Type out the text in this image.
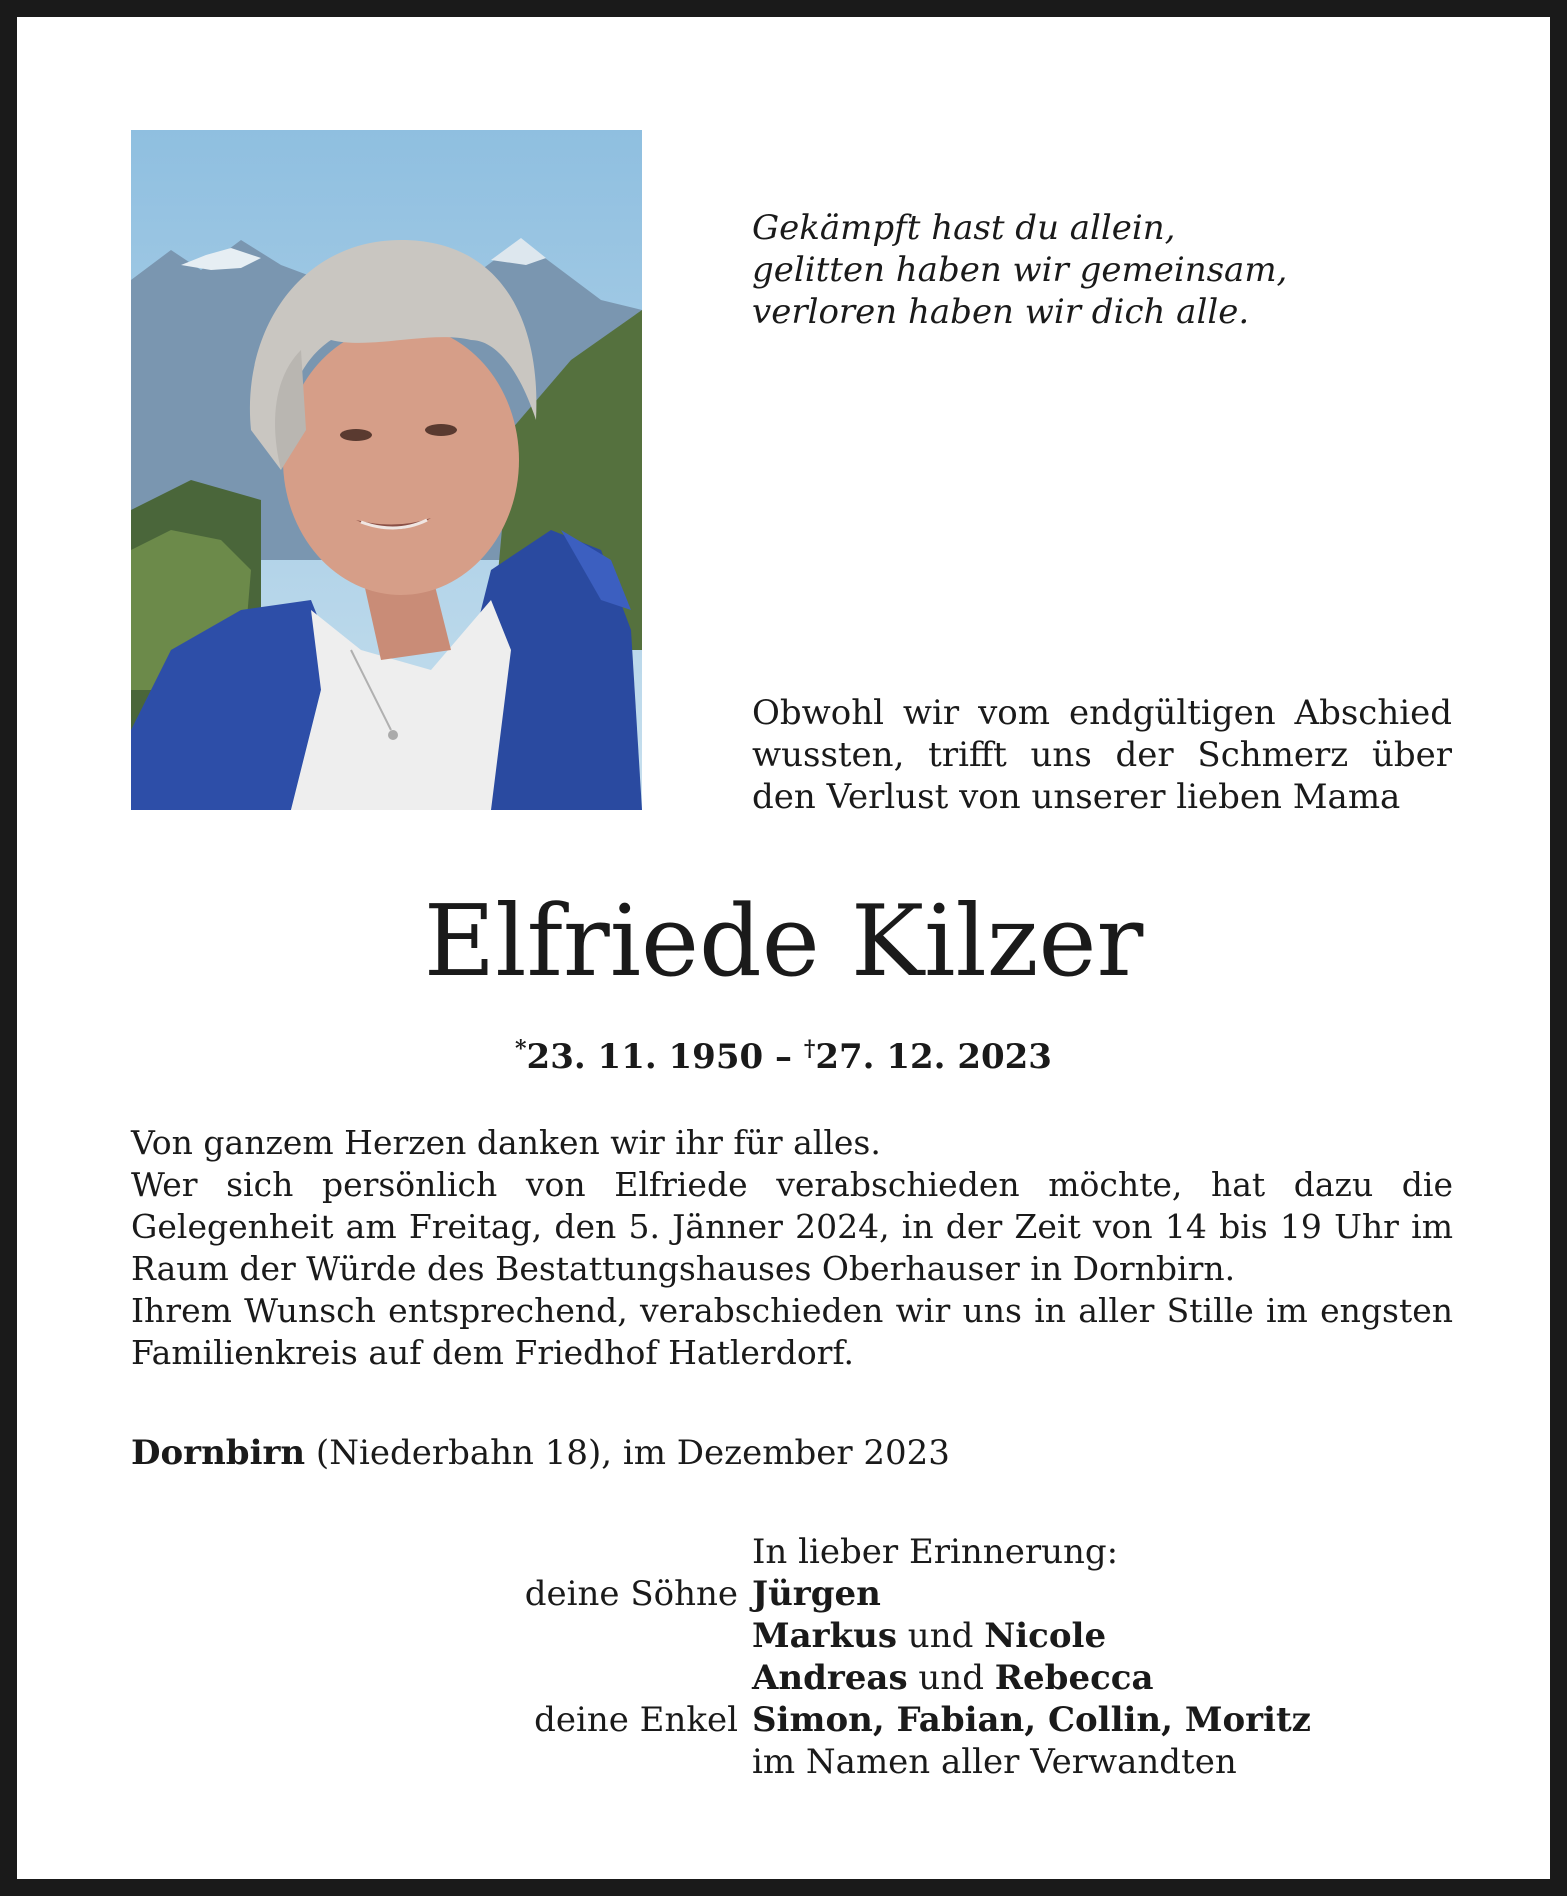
Gekämpft hast du allein,
gelitten haben wir gemeinsam,
verloren haben wir dich alle.
Obwohl wir vom endgültigen Abschied wussten, trifft uns der Schmerz über den Verlust von unserer lieben Mama
Elfriede Kilzer
*23. 11. 1950 – †27. 12. 2023

Von ganzem Herzen danken wir ihr für alles.

Wer sich persönlich von Elfriede verabschieden möchte, hat dazu die Gelegenheit am Freitag, den 5. Jänner 2024, in der Zeit von 14 bis 19 Uhr im Raum der Würde des Bestattungshauses Oberhauser in Dornbirn.

Ihrem Wunsch entsprechend, verabschieden wir uns in aller Stille im engsten Familienkreis auf dem Friedhof Hatlerdorf.

Dornbirn (Niederbahn 18), im Dezember 2023
In lieber Erinnerung:
deine Söhne Jürgen
Markus und Nicole
Andreas und Rebecca
deine Enkel Simon, Fabian, Collin, Moritz
im Namen aller Verwandten
